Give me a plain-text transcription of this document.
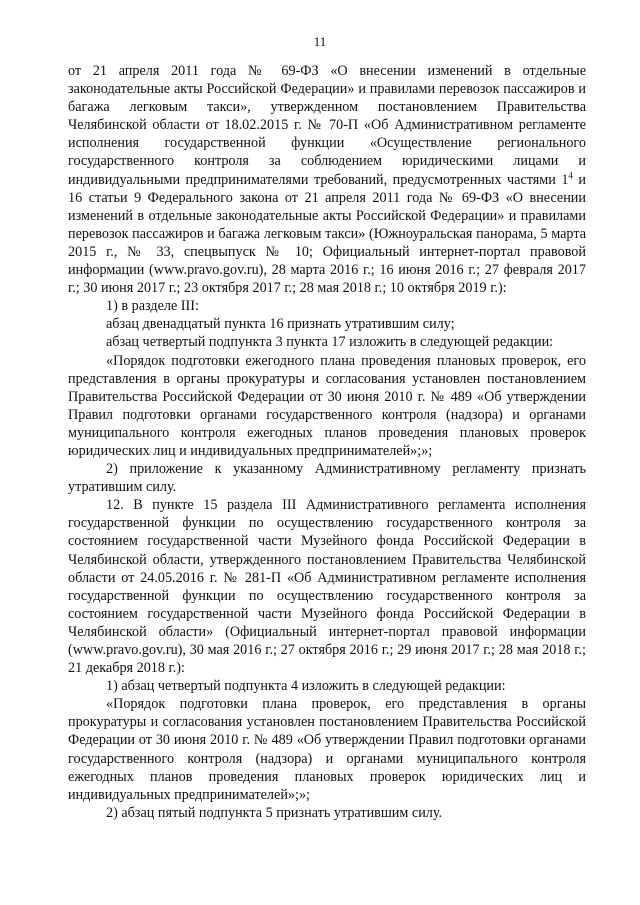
11

от 21 апреля 2011 года № 69-ФЗ «О внесении изменений в отдельные законодательные акты Российской Федерации» и правилами перевозок пассажиров и багажа легковым такси», утвержденном постановлением Правительства Челябинской области от 18.02.2015 г. № 70-П «Об Административном регламенте исполнения государственной функции «Осуществление регионального государственного контроля за соблюдением юридическими лицами и индивидуальными предпринимателями требований, предусмотренных частями $1^4$ и 16 статьи 9 Федерального закона от 21 апреля 2011 года № 69-ФЗ «О внесении изменений в отдельные законодательные акты Российской Федерации» и правилами перевозок пассажиров и багажа легковым такси» (Южноуральская панорама, 5 марта 2015 г., № 33, спецвыпуск № 10; Официальный интернет-портал правовой информации (www.pravo.gov.ru), 28 марта 2016 г.; 16 июня 2016 г.; 27 февраля 2017 г.; 30 июня 2017 г.; 23 октября 2017 г.; 28 мая 2018 г.; 10 октября 2019 г.):

1) в разделе III:

абзац двенадцатый пункта 16 признать утратившим силу;

абзац четвертый подпункта 3 пункта 17 изложить в следующей редакции:

«Порядок подготовки ежегодного плана проведения плановых проверок, его представления в органы прокуратуры и согласования установлен постановлением Правительства Российской Федерации от 30 июня 2010 г. № 489 «Об утверждении Правил подготовки органами государственного контроля (надзора) и органами муниципального контроля ежегодных планов проведения плановых проверок юридических лиц и индивидуальных предпринимателей»;»;

2) приложение к указанному Административному регламенту признать утратившим силу.

12. В пункте 15 раздела III Административного регламента исполнения государственной функции по осуществлению государственного контроля за состоянием государственной части Музейного фонда Российской Федерации в Челябинской области, утвержденного постановлением Правительства Челябинской области от 24.05.2016 г. № 281-П «Об Административном регламенте исполнения государственной функции по осуществлению государственного контроля за состоянием государственной части Музейного фонда Российской Федерации в Челябинской области» (Официальный интернет-портал правовой информации (www.pravo.gov.ru), 30 мая 2016 г.; 27 октября 2016 г.; 29 июня 2017 г.; 28 мая 2018 г.; 21 декабря 2018 г.):

1) абзац четвертый подпункта 4 изложить в следующей редакции:

«Порядок подготовки плана проверок, его представления в органы прокуратуры и согласования установлен постановлением Правительства Российской Федерации от 30 июня 2010 г. № 489 «Об утверждении Правил подготовки органами государственного контроля (надзора) и органами муниципального контроля ежегодных планов проведения плановых проверок юридических лиц и индивидуальных предпринимателей»;»;

2) абзац пятый подпункта 5 признать утратившим силу.
